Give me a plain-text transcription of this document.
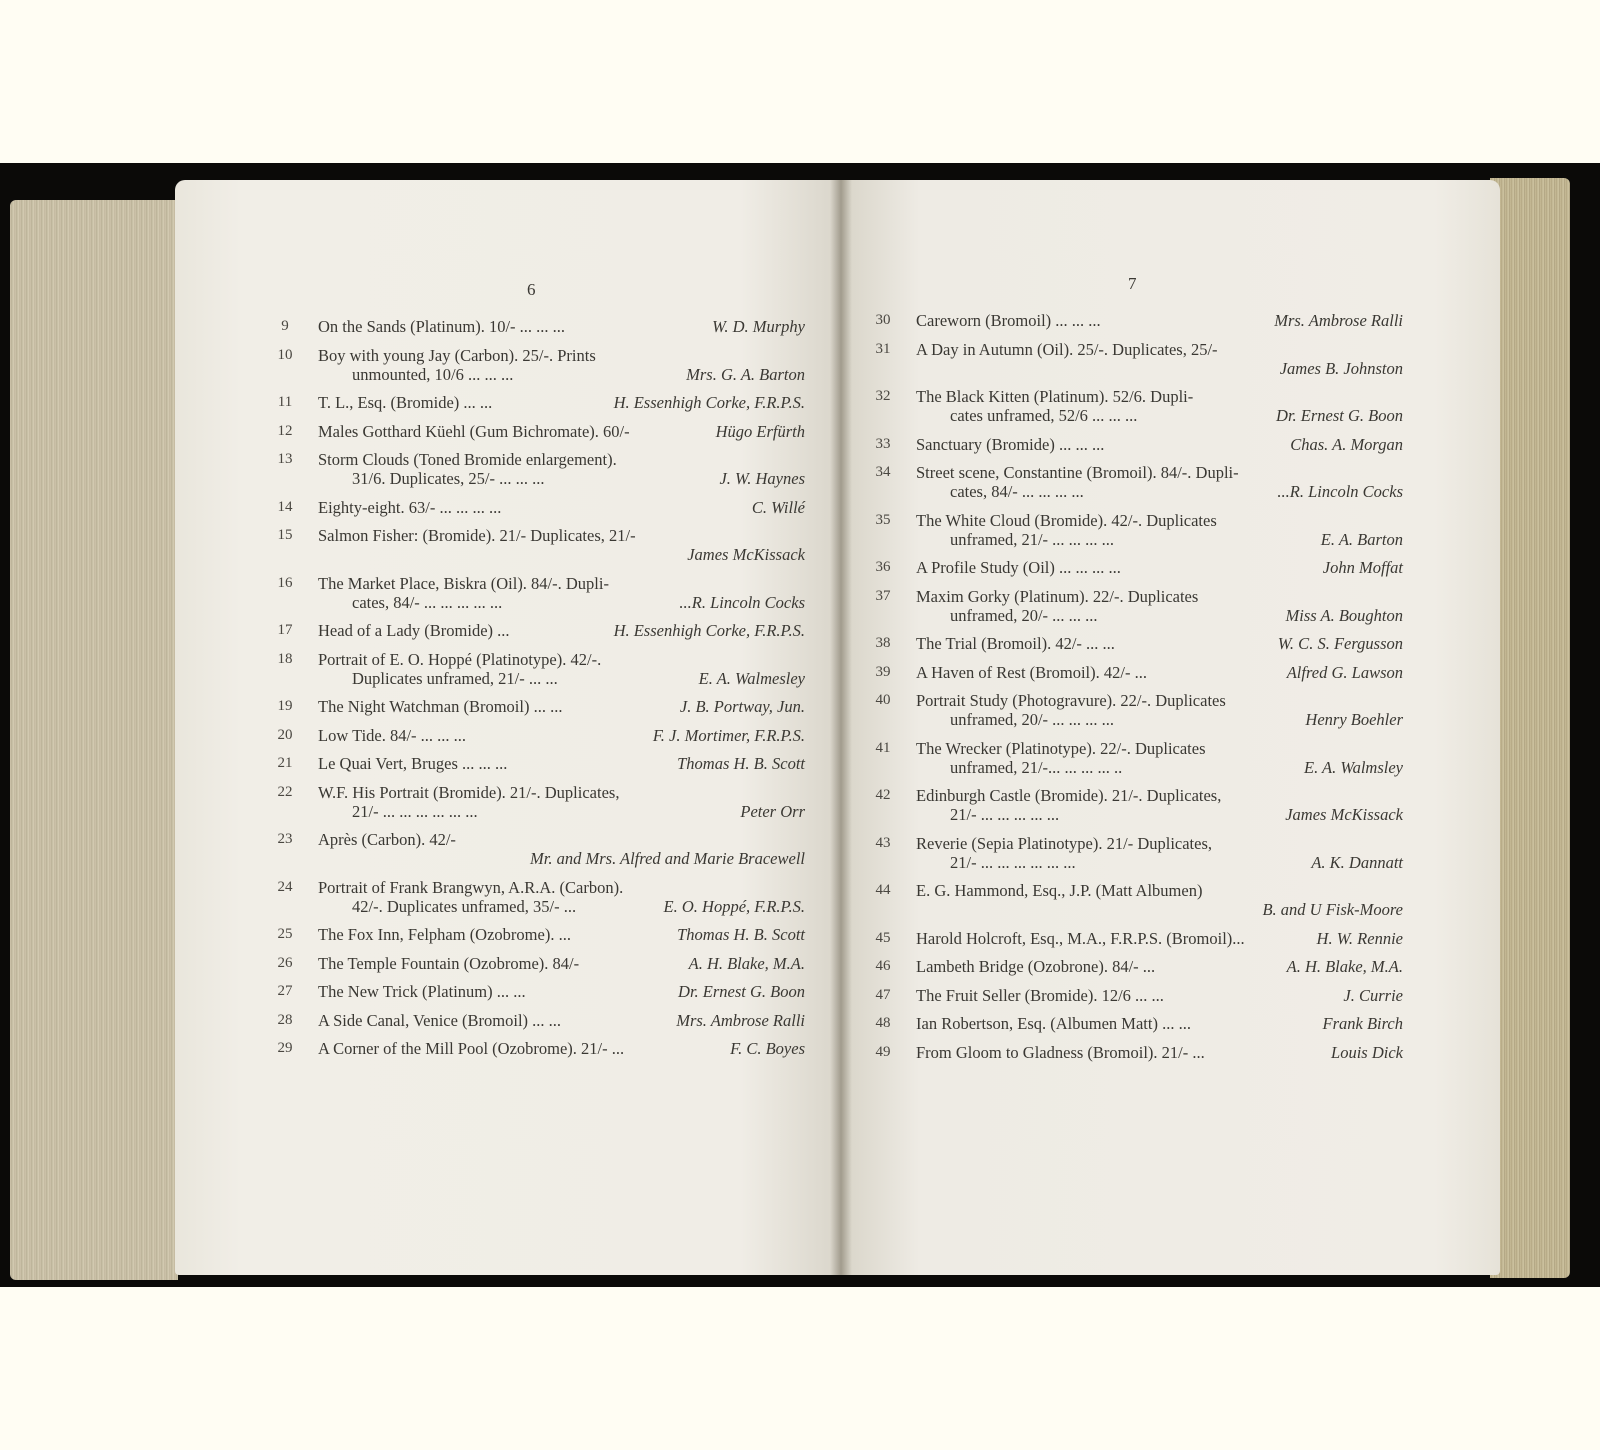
6	7
9	On the Sands (Platinum). 10/- ... ... ...	W. D. Murphy
10	Boy with young Jay (Carbon). 25/-. Prints
unmounted, 10/6 ... ... ...	Mrs. G. A. Barton
11	T. L., Esq. (Bromide) ... ...	H. Essenhigh Corke, F.R.P.S.
12	Males Gotthard Küehl (Gum Bichromate). 60/-	Hügo Erfürth
13	Storm Clouds (Toned Bromide enlargement).
31/6. Duplicates, 25/- ... ... ...	J. W. Haynes
14	Eighty-eight. 63/- ... ... ... ...	C. Willé
15	Salmon Fisher: (Bromide). 21/- Duplicates, 21/-
James McKissack
16	The Market Place, Biskra (Oil). 84/-. Dupli-
cates, 84/- ... ... ... ... ...	...R. Lincoln Cocks
17	Head of a Lady (Bromide) ...	H. Essenhigh Corke, F.R.P.S.
18	Portrait of E. O. Hoppé (Platinotype). 42/-.
Duplicates unframed, 21/- ... ...	E. A. Walmesley
19	The Night Watchman (Bromoil) ... ...	J. B. Portway, Jun.
20	Low Tide. 84/- ... ... ...	F. J. Mortimer, F.R.P.S.
21	Le Quai Vert, Bruges ... ... ...	Thomas H. B. Scott
22	W.F. His Portrait (Bromide). 21/-. Duplicates,
21/- ... ... ... ... ... ...	Peter Orr
23	Après (Carbon). 42/-
Mr. and Mrs. Alfred and Marie Bracewell
24	Portrait of Frank Brangwyn, A.R.A. (Carbon).
42/-. Duplicates unframed, 35/- ...	E. O. Hoppé, F.R.P.S.
25	The Fox Inn, Felpham (Ozobrome). ...	Thomas H. B. Scott
26	The Temple Fountain (Ozobrome). 84/-	A. H. Blake, M.A.
27	The New Trick (Platinum) ... ...	Dr. Ernest G. Boon
28	A Side Canal, Venice (Bromoil) ... ...	Mrs. Ambrose Ralli
29	A Corner of the Mill Pool (Ozobrome). 21/- ...	F. C. Boyes
30	Careworn (Bromoil) ... ... ...	Mrs. Ambrose Ralli
31	A Day in Autumn (Oil). 25/-. Duplicates, 25/-
James B. Johnston
32	The Black Kitten (Platinum). 52/6. Dupli-
cates unframed, 52/6 ... ... ...	Dr. Ernest G. Boon
33	Sanctuary (Bromide) ... ... ...	Chas. A. Morgan
34	Street scene, Constantine (Bromoil). 84/-. Dupli-
cates, 84/- ... ... ... ...	...R. Lincoln Cocks
35	The White Cloud (Bromide). 42/-. Duplicates
unframed, 21/- ... ... ... ...	E. A. Barton
36	A Profile Study (Oil) ... ... ... ...	John Moffat
37	Maxim Gorky (Platinum). 22/-. Duplicates
unframed, 20/- ... ... ...	Miss A. Boughton
38	The Trial (Bromoil). 42/- ... ...	W. C. S. Fergusson
39	A Haven of Rest (Bromoil). 42/- ...	Alfred G. Lawson
40	Portrait Study (Photogravure). 22/-. Duplicates
unframed, 20/- ... ... ... ...	Henry Boehler
41	The Wrecker (Platinotype). 22/-. Duplicates
unframed, 21/-... ... ... ... ..	E. A. Walmsley
42	Edinburgh Castle (Bromide). 21/-. Duplicates,
21/- ... ... ... ... ...	James McKissack
43	Reverie (Sepia Platinotype). 21/- Duplicates,
21/- ... ... ... ... ... ...	A. K. Dannatt
44	E. G. Hammond, Esq., J.P. (Matt Albumen)
B. and U Fisk-Moore
45	Harold Holcroft, Esq., M.A., F.R.P.S. (Bromoil)...	H. W. Rennie
46	Lambeth Bridge (Ozobrone). 84/- ...	A. H. Blake, M.A.
47	The Fruit Seller (Bromide). 12/6 ... ...	J. Currie
48	Ian Robertson, Esq. (Albumen Matt) ... ...	Frank Birch
49	From Gloom to Gladness (Bromoil). 21/- ...	Louis Dick
